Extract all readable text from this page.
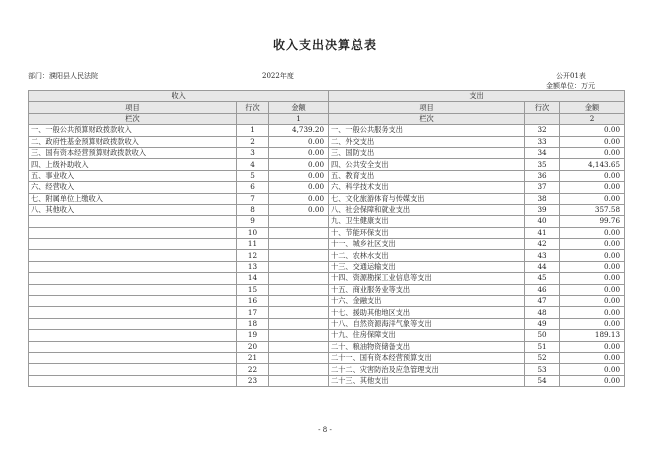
收入支出决算总表
部门：濮阳县人民法院	2022年度	公开01表
金额单位：万元
收入			支出		
项目	行次	金额	项目	行次	金额
栏次		1	栏次		2
一、一般公共预算财政拨款收入	1	4,739.20	一、一般公共服务支出	32	0.00
二、政府性基金预算财政拨款收入	2	0.00	二、外交支出	33	0.00
三、国有资本经营预算财政拨款收入	3	0.00	三、国防支出	34	0.00
四、上级补助收入	4	0.00	四、公共安全支出	35	4,143.65
五、事业收入	5	0.00	五、教育支出	36	0.00
六、经营收入	6	0.00	六、科学技术支出	37	0.00
七、附属单位上缴收入	7	0.00	七、文化旅游体育与传媒支出	38	0.00
八、其他收入	8	0.00	八、社会保障和就业支出	39	357.58
	9		九、卫生健康支出	40	99.76
	10		十、节能环保支出	41	0.00
	11		十一、城乡社区支出	42	0.00
	12		十二、农林水支出	43	0.00
	13		十三、交通运输支出	44	0.00
	14		十四、资源勘探工业信息等支出	45	0.00
	15		十五、商业服务业等支出	46	0.00
	16		十六、金融支出	47	0.00
	17		十七、援助其他地区支出	48	0.00
	18		十八、自然资源海洋气象等支出	49	0.00
	19		十九、住房保障支出	50	189.13
	20		二十、粮油物资储备支出	51	0.00
	21		二十一、国有资本经营预算支出	52	0.00
	22		二十二、灾害防治及应急管理支出	53	0.00
	23		二十三、其他支出	54	0.00
- 8 -
